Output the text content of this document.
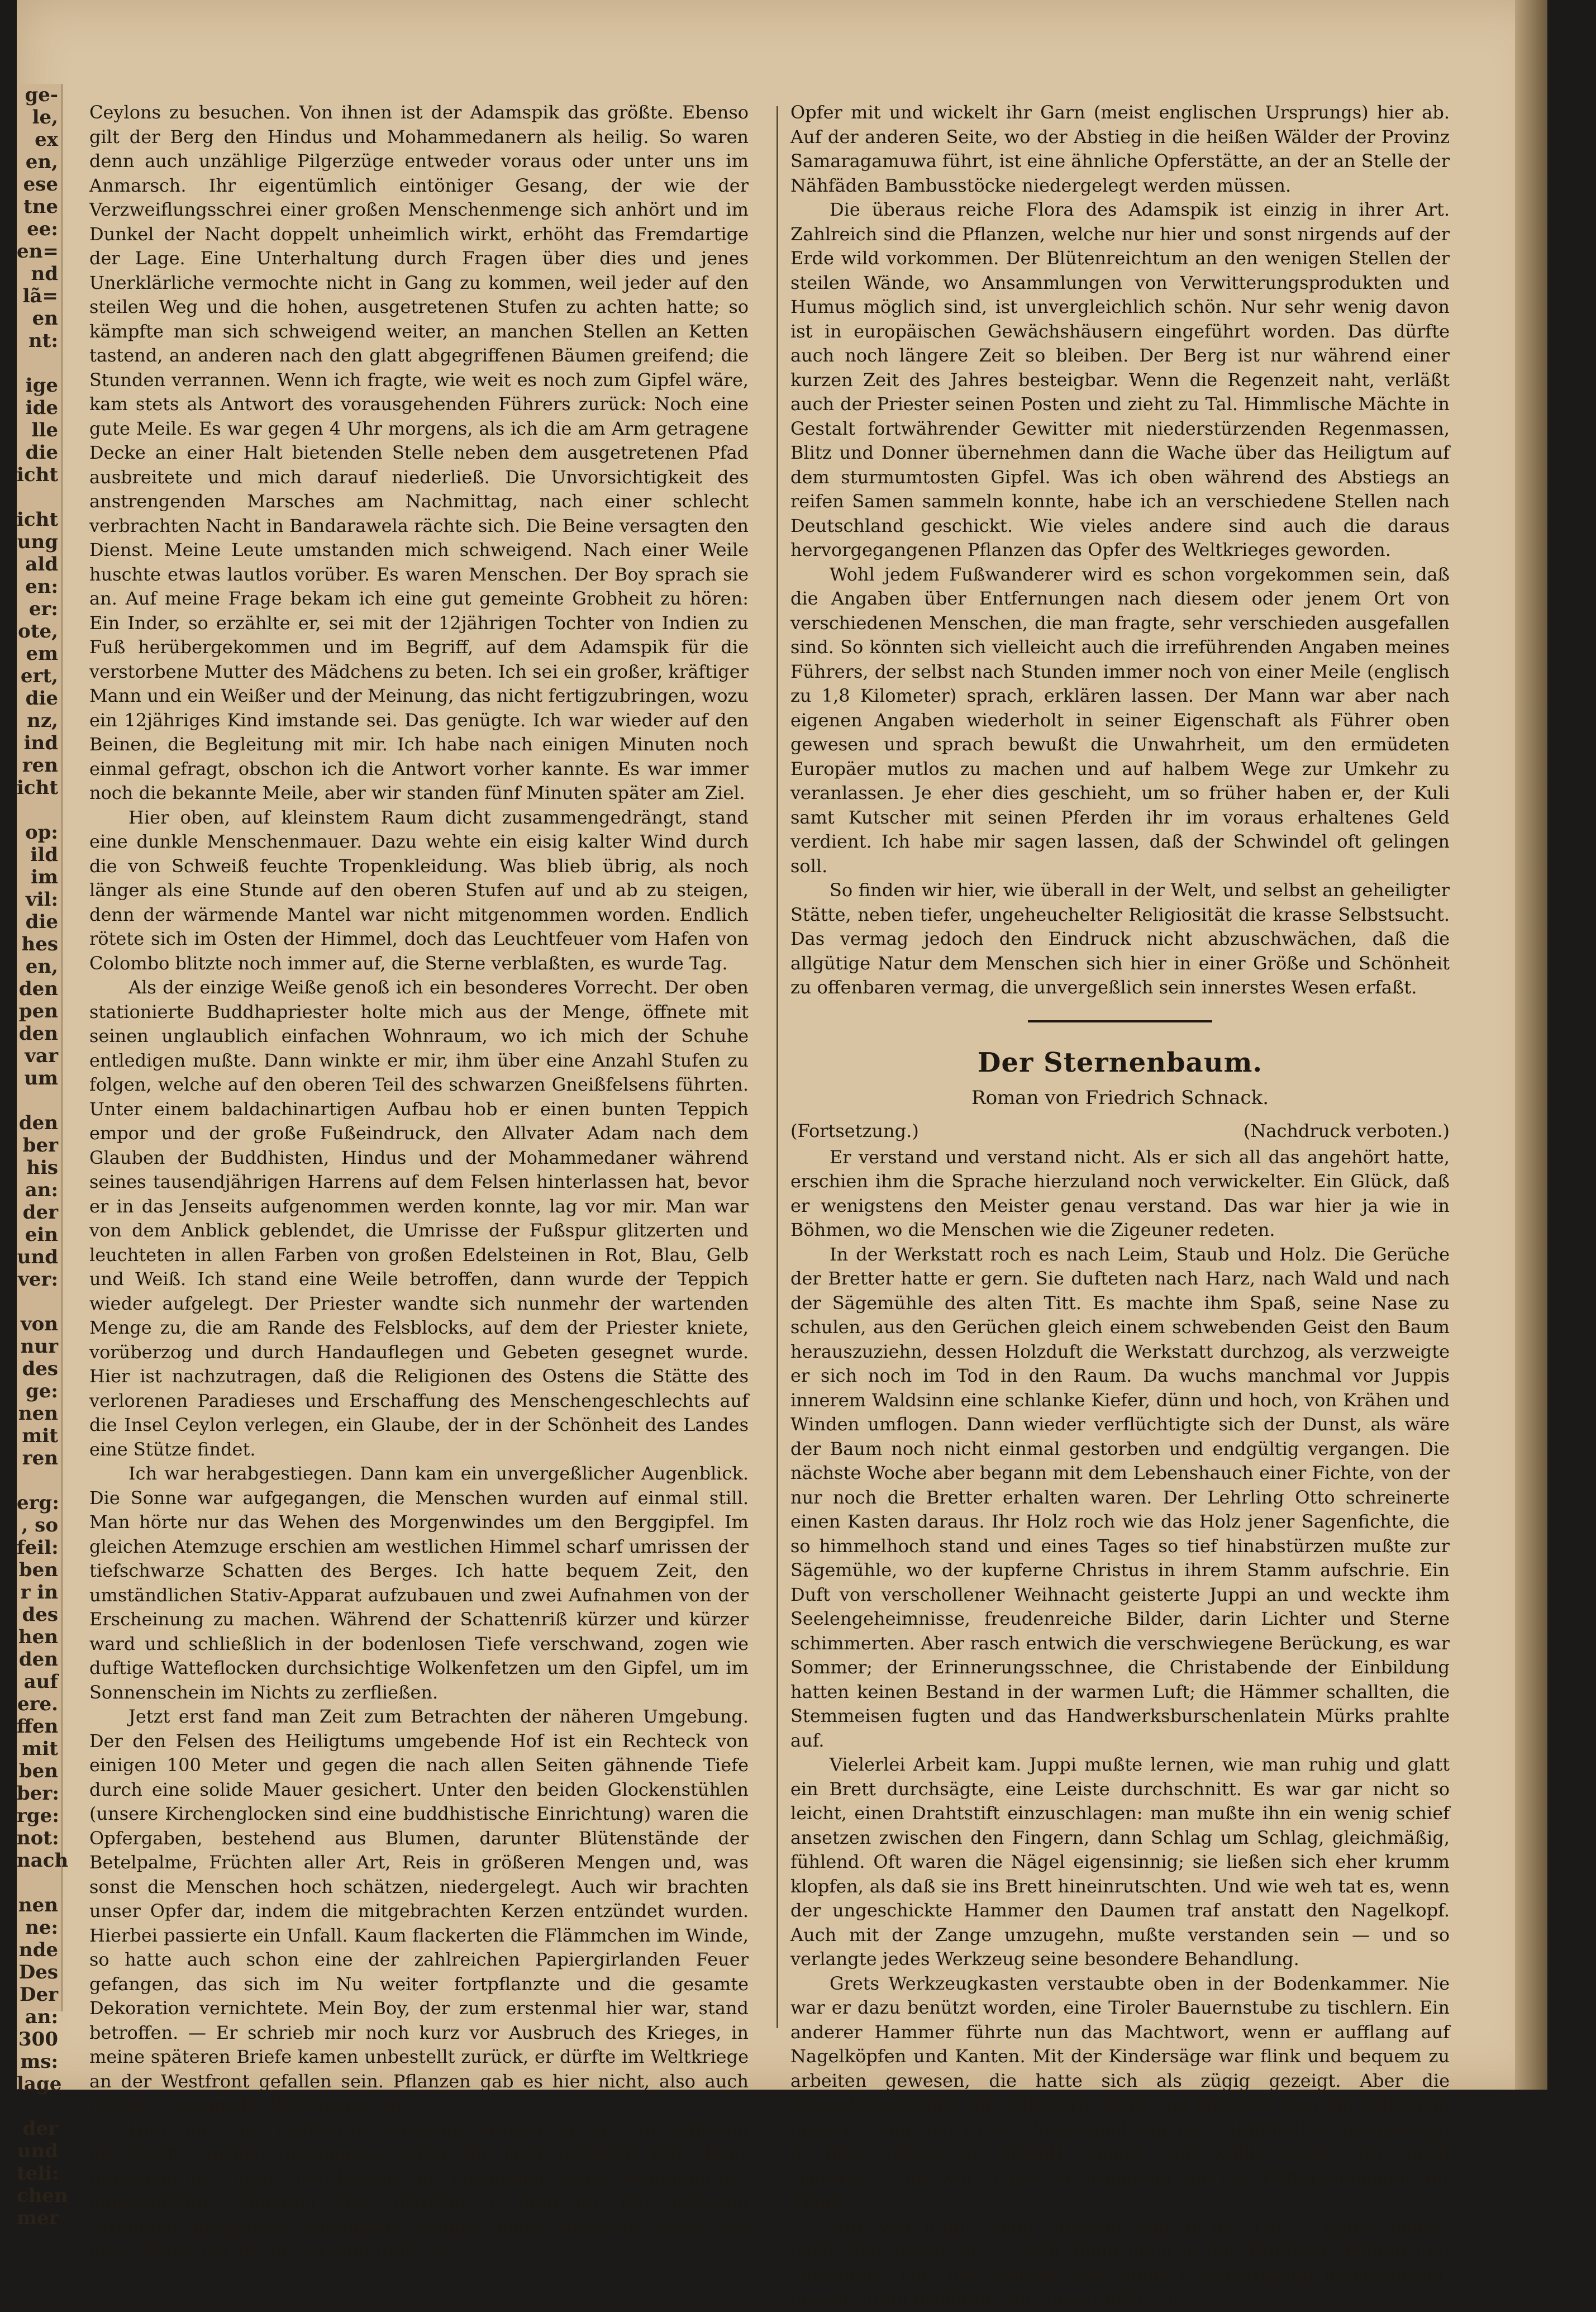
ge-
le,
ex
en,
ese
tne
ee:
en=
nd
lã=
en
nt:
ige
ide
lle
die
icht
icht
ung
ald
en:
er:
ote,
em
ert,
die
nz,
ind
ren
icht
op:
ild
im
vil:
die
hes
en,
den
pen
den
var
um
den
ber
his
an:
der
ein
und
ver:
von
nur
des
ge:
nen
mit
ren
erg:
, so
feil:
ben
r in
des
hen
den
auf
ere.
ffen
mit
ben
ber:
rge:
not:
nach
nen
ne:
nde
Des
Der
an:
300
ms:
lage
der
und
teli:
chen
mer

Ceylons zu besuchen. Von ihnen ist der Adamspik das größte. Ebenso gilt der Berg den Hindus und Mohammedanern als heilig. So waren denn auch unzählige Pilgerzüge entweder voraus oder unter uns im Anmarsch. Ihr eigentümlich eintöniger Gesang, der wie der Verzweiflungsschrei einer großen Menschenmenge sich anhört und im Dunkel der Nacht doppelt unheimlich wirkt, erhöht das Fremdartige der Lage. Eine Unterhaltung durch Fragen über dies und jenes Unerklärliche vermochte nicht in Gang zu kommen, weil jeder auf den steilen Weg und die hohen, ausgetretenen Stufen zu achten hatte; so kämpfte man sich schweigend weiter, an manchen Stellen an Ketten tastend, an anderen nach den glatt abgegriffenen Bäumen greifend; die Stunden verrannen. Wenn ich fragte, wie weit es noch zum Gipfel wäre, kam stets als Antwort des vorausgehenden Führers zurück: Noch eine gute Meile. Es war gegen 4 Uhr morgens, als ich die am Arm getragene Decke an einer Halt bietenden Stelle neben dem ausgetretenen Pfad ausbreitete und mich darauf niederließ. Die Unvorsichtigkeit des anstrengenden Marsches am Nachmittag, nach einer schlecht verbrachten Nacht in Bandarawela rächte sich. Die Beine versagten den Dienst. Meine Leute umstanden mich schweigend. Nach einer Weile huschte etwas lautlos vorüber. Es waren Menschen. Der Boy sprach sie an. Auf meine Frage bekam ich eine gut gemeinte Grobheit zu hören: Ein Inder, so erzählte er, sei mit der 12jährigen Tochter von Indien zu Fuß herübergekommen und im Begriff, auf dem Adamspik für die verstorbene Mutter des Mädchens zu beten. Ich sei ein großer, kräftiger Mann und ein Weißer und der Meinung, das nicht fertigzubringen, wozu ein 12jähriges Kind imstande sei. Das genügte. Ich war wieder auf den Beinen, die Begleitung mit mir. Ich habe nach einigen Minuten noch einmal gefragt, obschon ich die Antwort vorher kannte. Es war immer noch die bekannte Meile, aber wir standen fünf Minuten später am Ziel.

Hier oben, auf kleinstem Raum dicht zusammengedrängt, stand eine dunkle Menschenmauer. Dazu wehte ein eisig kalter Wind durch die von Schweiß feuchte Tropenkleidung. Was blieb übrig, als noch länger als eine Stunde auf den oberen Stufen auf und ab zu steigen, denn der wärmende Mantel war nicht mitgenommen worden. Endlich rötete sich im Osten der Himmel, doch das Leuchtfeuer vom Hafen von Colombo blitzte noch immer auf, die Sterne verblaßten, es wurde Tag.

Als der einzige Weiße genoß ich ein besonderes Vorrecht. Der oben stationierte Buddhapriester holte mich aus der Menge, öffnete mit seinen unglaublich einfachen Wohnraum, wo ich mich der Schuhe entledigen mußte. Dann winkte er mir, ihm über eine Anzahl Stufen zu folgen, welche auf den oberen Teil des schwarzen Gneißfelsens führten. Unter einem baldachinartigen Aufbau hob er einen bunten Teppich empor und der große Fußeindruck, den Allvater Adam nach dem Glauben der Buddhisten, Hindus und der Mohammedaner während seines tausendjährigen Harrens auf dem Felsen hinterlassen hat, bevor er in das Jenseits aufgenommen werden konnte, lag vor mir. Man war von dem Anblick geblendet, die Umrisse der Fußspur glitzerten und leuchteten in allen Farben von großen Edelsteinen in Rot, Blau, Gelb und Weiß. Ich stand eine Weile betroffen, dann wurde der Teppich wieder aufgelegt. Der Priester wandte sich nunmehr der wartenden Menge zu, die am Rande des Felsblocks, auf dem der Priester kniete, vorüberzog und durch Handauflegen und Gebeten gesegnet wurde. Hier ist nachzutragen, daß die Religionen des Ostens die Stätte des verlorenen Paradieses und Erschaffung des Menschengeschlechts auf die Insel Ceylon verlegen, ein Glaube, der in der Schönheit des Landes eine Stütze findet.

Ich war herabgestiegen. Dann kam ein unvergeßlicher Augenblick. Die Sonne war aufgegangen, die Menschen wurden auf einmal still. Man hörte nur das Wehen des Morgenwindes um den Berggipfel. Im gleichen Atemzuge erschien am westlichen Himmel scharf umrissen der tiefschwarze Schatten des Berges. Ich hatte bequem Zeit, den umständlichen Stativ-Apparat aufzubauen und zwei Aufnahmen von der Erscheinung zu machen. Während der Schattenriß kürzer und kürzer ward und schließlich in der bodenlosen Tiefe verschwand, zogen wie duftige Watteflocken durchsichtige Wolkenfetzen um den Gipfel, um im Sonnenschein im Nichts zu zerfließen.

Jetzt erst fand man Zeit zum Betrachten der näheren Umgebung. Der den Felsen des Heiligtums umgebende Hof ist ein Rechteck von einigen 100 Meter und gegen die nach allen Seiten gähnende Tiefe durch eine solide Mauer gesichert. Unter den beiden Glockenstühlen (unsere Kirchenglocken sind eine buddhistische Einrichtung) waren die Opfergaben, bestehend aus Blumen, darunter Blütenstände der Betelpalme, Früchten aller Art, Reis in größeren Mengen und, was sonst die Menschen hoch schätzen, niedergelegt. Auch wir brachten unser Opfer dar, indem die mitgebrachten Kerzen entzündet wurden. Hierbei passierte ein Unfall. Kaum flackerten die Flämmchen im Winde, so hatte auch schon eine der zahlreichen Papiergirlanden Feuer gefangen, das sich im Nu weiter fortpflanzte und die gesamte Dekoration vernichtete. Mein Boy, der zum erstenmal hier war, stand betroffen. — Er schrieb mir noch kurz vor Ausbruch des Krieges, in meine späteren Briefe kamen unbestellt zurück, er dürfte im Weltkriege an der Westfront gefallen sein. Pflanzen gab es hier nicht, also auch nichts zu sammeln. Wir stiegen ab.

Hier muß eine Opferstätte erwähnt werden, an der wir während der Nacht vorüber gekommen waren. Sie liegt vielleicht 100 Meter unterhalb des Gipfels und besteht aus tausenden weißer Nähfaden mit eingefädelter Nähnadel, die verrostet in dem um die nächsten Sträucher gezogenen Fadengewirr hängen. Jedes weibliche Wesen, das diese Stelle betritt, bringt eine Rolle als

Opfer mit und wickelt ihr Garn (meist englischen Ursprungs) hier ab. Auf der anderen Seite, wo der Abstieg in die heißen Wälder der Provinz Samaragamuwa führt, ist eine ähnliche Opferstätte, an der an Stelle der Nähfäden Bambusstöcke niedergelegt werden müssen.

Die überaus reiche Flora des Adamspik ist einzig in ihrer Art. Zahlreich sind die Pflanzen, welche nur hier und sonst nirgends auf der Erde wild vorkommen. Der Blütenreichtum an den wenigen Stellen der steilen Wände, wo Ansammlungen von Verwitterungsprodukten und Humus möglich sind, ist unvergleichlich schön. Nur sehr wenig davon ist in europäischen Gewächshäusern eingeführt worden. Das dürfte auch noch längere Zeit so bleiben. Der Berg ist nur während einer kurzen Zeit des Jahres besteigbar. Wenn die Regenzeit naht, verläßt auch der Priester seinen Posten und zieht zu Tal. Himmlische Mächte in Gestalt fortwährender Gewitter mit niederstürzenden Regenmassen, Blitz und Donner übernehmen dann die Wache über das Heiligtum auf dem sturmumtosten Gipfel. Was ich oben während des Abstiegs an reifen Samen sammeln konnte, habe ich an verschiedene Stellen nach Deutschland geschickt. Wie vieles andere sind auch die daraus hervorgegangenen Pflanzen das Opfer des Weltkrieges geworden.

Wohl jedem Fußwanderer wird es schon vorgekommen sein, daß die Angaben über Entfernungen nach diesem oder jenem Ort von verschiedenen Menschen, die man fragte, sehr verschieden ausgefallen sind. So könnten sich vielleicht auch die irreführenden Angaben meines Führers, der selbst nach Stunden immer noch von einer Meile (englisch zu 1,8 Kilometer) sprach, erklären lassen. Der Mann war aber nach eigenen Angaben wiederholt in seiner Eigenschaft als Führer oben gewesen und sprach bewußt die Unwahrheit, um den ermüdeten Europäer mutlos zu machen und auf halbem Wege zur Umkehr zu veranlassen. Je eher dies geschieht, um so früher haben er, der Kuli samt Kutscher mit seinen Pferden ihr im voraus erhaltenes Geld verdient. Ich habe mir sagen lassen, daß der Schwindel oft gelingen soll.

So finden wir hier, wie überall in der Welt, und selbst an geheiligter Stätte, neben tiefer, ungeheuchelter Religiosität die krasse Selbstsucht. Das vermag jedoch den Eindruck nicht abzuschwächen, daß die allgütige Natur dem Menschen sich hier in einer Größe und Schönheit zu offenbaren vermag, die unvergeßlich sein innerstes Wesen erfaßt.

Der Sternenbaum.
Roman von Friedrich Schnack.
(Fortsetzung.)	(Nachdruck verboten.)

Er verstand und verstand nicht. Als er sich all das angehört hatte, erschien ihm die Sprache hierzuland noch verwickelter. Ein Glück, daß er wenigstens den Meister genau verstand. Das war hier ja wie in Böhmen, wo die Menschen wie die Zigeuner redeten.

In der Werkstatt roch es nach Leim, Staub und Holz. Die Gerüche der Bretter hatte er gern. Sie dufteten nach Harz, nach Wald und nach der Sägemühle des alten Titt. Es machte ihm Spaß, seine Nase zu schulen, aus den Gerüchen gleich einem schwebenden Geist den Baum herauszuziehn, dessen Holzduft die Werkstatt durchzog, als verzweigte er sich noch im Tod in den Raum. Da wuchs manchmal vor Juppis innerem Waldsinn eine schlanke Kiefer, dünn und hoch, von Krähen und Winden umflogen. Dann wieder verflüchtigte sich der Dunst, als wäre der Baum noch nicht einmal gestorben und endgültig vergangen. Die nächste Woche aber begann mit dem Lebenshauch einer Fichte, von der nur noch die Bretter erhalten waren. Der Lehrling Otto schreinerte einen Kasten daraus. Ihr Holz roch wie das Holz jener Sagenfichte, die so himmelhoch stand und eines Tages so tief hinabstürzen mußte zur Sägemühle, wo der kupferne Christus in ihrem Stamm aufschrie. Ein Duft von verschollener Weihnacht geisterte Juppi an und weckte ihm Seelengeheimnisse, freudenreiche Bilder, darin Lichter und Sterne schimmerten. Aber rasch entwich die verschwiegene Berückung, es war Sommer; der Erinnerungsschnee, die Christabende der Einbildung hatten keinen Bestand in der warmen Luft; die Hämmer schallten, die Stemmeisen fugten und das Handwerksburschenlatein Mürks prahlte auf.

Vielerlei Arbeit kam. Juppi mußte lernen, wie man ruhig und glatt ein Brett durchsägte, eine Leiste durchschnitt. Es war gar nicht so leicht, einen Drahtstift einzuschlagen: man mußte ihn ein wenig schief ansetzen zwischen den Fingern, dann Schlag um Schlag, gleichmäßig, fühlend. Oft waren die Nägel eigensinnig; sie ließen sich eher krumm klopfen, als daß sie ins Brett hineinrutschten. Und wie weh tat es, wenn der ungeschickte Hammer den Daumen traf anstatt den Nagelkopf. Auch mit der Zange umzugehn, mußte verstanden sein — und so verlangte jedes Werkzeug seine besondere Behandlung.

Grets Werkzeugkasten verstaubte oben in der Bodenkammer. Nie war er dazu benützt worden, eine Tiroler Bauernstube zu tischlern. Ein anderer Hammer führte nun das Machtwort, wenn er aufflang auf Nagelköpfen und Kanten. Mit der Kindersäge war flink und bequem zu arbeiten gewesen, die hatte sich als zügig gezeigt. Aber die Erwachsenensäge! Sie erforderte Kraft und Vorsicht. Fest die Griffleiste gepackt. Zug und Druck. Manchmal war das Stahlblatt widerspenstig: es blieb mitten im Schnitt hängen und wollte weder vor- noch rückwärts. Das war ja fast so ermüdend wie das Futterschneiden mit Flunk.

Nun war Juppi schon vierzehn Tage in der Lehre. Eines Abends nach Feierabend, als er sich allein noch in der Werkstatt befand und aufräumte, kam der Meister, von einem Geschäftsgang heimkehrend, herein. Juppi beachtete ihn zuerst nicht, er
